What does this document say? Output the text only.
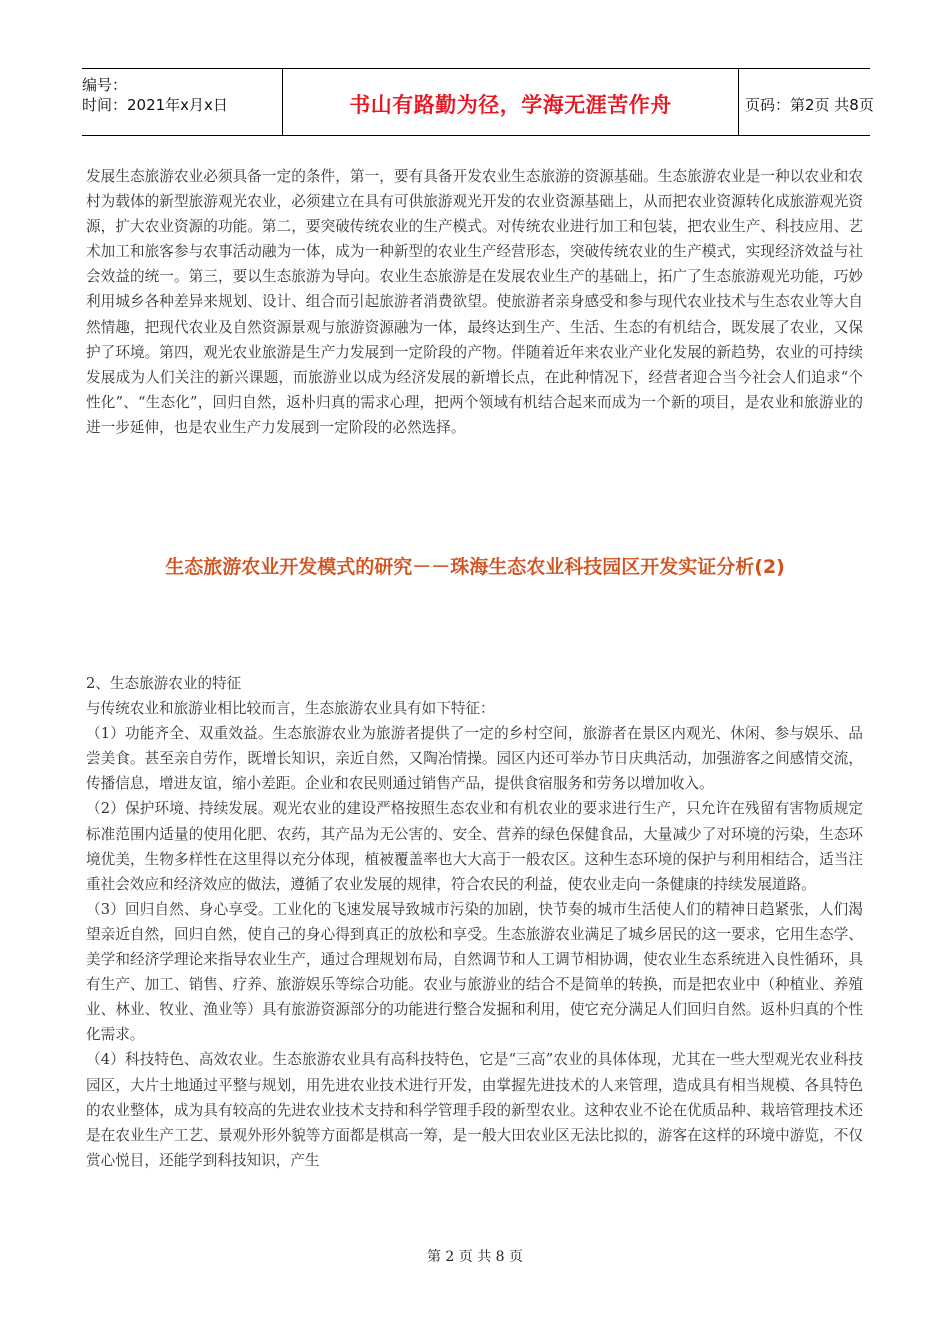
编号：
时间：2021年x月x日	书山有路勤为径，学海无涯苦作舟	页码：第2页 共8页

发展生态旅游农业必须具备一定的条件，第一，要有具备开发农业生态旅游的资源基础。生态旅游农业是一种以农业和农村为载体的新型旅游观光农业，必须建立在具有可供旅游观光开发的农业资源基础上，从而把农业资源转化成旅游观光资源，扩大农业资源的功能。第二，要突破传统农业的生产模式。对传统农业进行加工和包装，把农业生产、科技应用、艺术加工和旅客参与农事活动融为一体，成为一种新型的农业生产经营形态，突破传统农业的生产模式，实现经济效益与社会效益的统一。第三，要以生态旅游为导向。农业生态旅游是在发展农业生产的基础上，拓广了生态旅游观光功能，巧妙利用城乡各种差异来规划、设计、组合而引起旅游者消费欲望。使旅游者亲身感受和参与现代农业技术与生态农业等大自然情趣，把现代农业及自然资源景观与旅游资源融为一体，最终达到生产、生活、生态的有机结合，既发展了农业，又保护了环境。第四，观光农业旅游是生产力发展到一定阶段的产物。伴随着近年来农业产业化发展的新趋势，农业的可持续发展成为人们关注的新兴课题，而旅游业以成为经济发展的新增长点，在此种情况下，经营者迎合当今社会人们追求“个性化”、“生态化”，回归自然，返朴归真的需求心理，把两个领域有机结合起来而成为一个新的项目，是农业和旅游业的进一步延伸，也是农业生产力发展到一定阶段的必然选择。

生态旅游农业开发模式的研究－－珠海生态农业科技园区开发实证分析(2)

2、生态旅游农业的特征

与传统农业和旅游业相比较而言，生态旅游农业具有如下特征：

（1）功能齐全、双重效益。生态旅游农业为旅游者提供了一定的乡村空间，旅游者在景区内观光、休闲、参与娱乐、品尝美食。甚至亲自劳作，既增长知识，亲近自然，又陶冶情操。园区内还可举办节日庆典活动，加强游客之间感情交流，传播信息，增进友谊，缩小差距。企业和农民则通过销售产品，提供食宿服务和劳务以增加收入。

（2）保护环境、持续发展。观光农业的建设严格按照生态农业和有机农业的要求进行生产，只允许在残留有害物质规定标准范围内适量的使用化肥、农药，其产品为无公害的、安全、营养的绿色保健食品，大量减少了对环境的污染，生态环境优美，生物多样性在这里得以充分体现，植被覆盖率也大大高于一般农区。这种生态环境的保护与利用相结合，适当注重社会效应和经济效应的做法，遵循了农业发展的规律，符合农民的利益，使农业走向一条健康的持续发展道路。

（3）回归自然、身心享受。工业化的飞速发展导致城市污染的加剧，快节奏的城市生活使人们的精神日趋紧张，人们渴望亲近自然，回归自然，使自己的身心得到真正的放松和享受。生态旅游农业满足了城乡居民的这一要求，它用生态学、美学和经济学理论来指导农业生产，通过合理规划布局，自然调节和人工调节相协调，使农业生态系统进入良性循环，具有生产、加工、销售、疗养、旅游娱乐等综合功能。农业与旅游业的结合不是简单的转换，而是把农业中（种植业、养殖业、林业、牧业、渔业等）具有旅游资源部分的功能进行整合发掘和利用，使它充分满足人们回归自然。返朴归真的个性化需求。

（4）科技特色、高效农业。生态旅游农业具有高科技特色，它是“三高”农业的具体体现，尤其在一些大型观光农业科技园区，大片土地通过平整与规划，用先进农业技术进行开发，由掌握先进技术的人来管理，造成具有相当规模、各具特色的农业整体，成为具有较高的先进农业技术支持和科学管理手段的新型农业。这种农业不论在优质品种、栽培管理技术还是在农业生产工艺、景观外形外貌等方面都是棋高一筹，是一般大田农业区无法比拟的，游客在这样的环境中游览，不仅赏心悦目，还能学到科技知识，产生

第 2 页 共 8 页
